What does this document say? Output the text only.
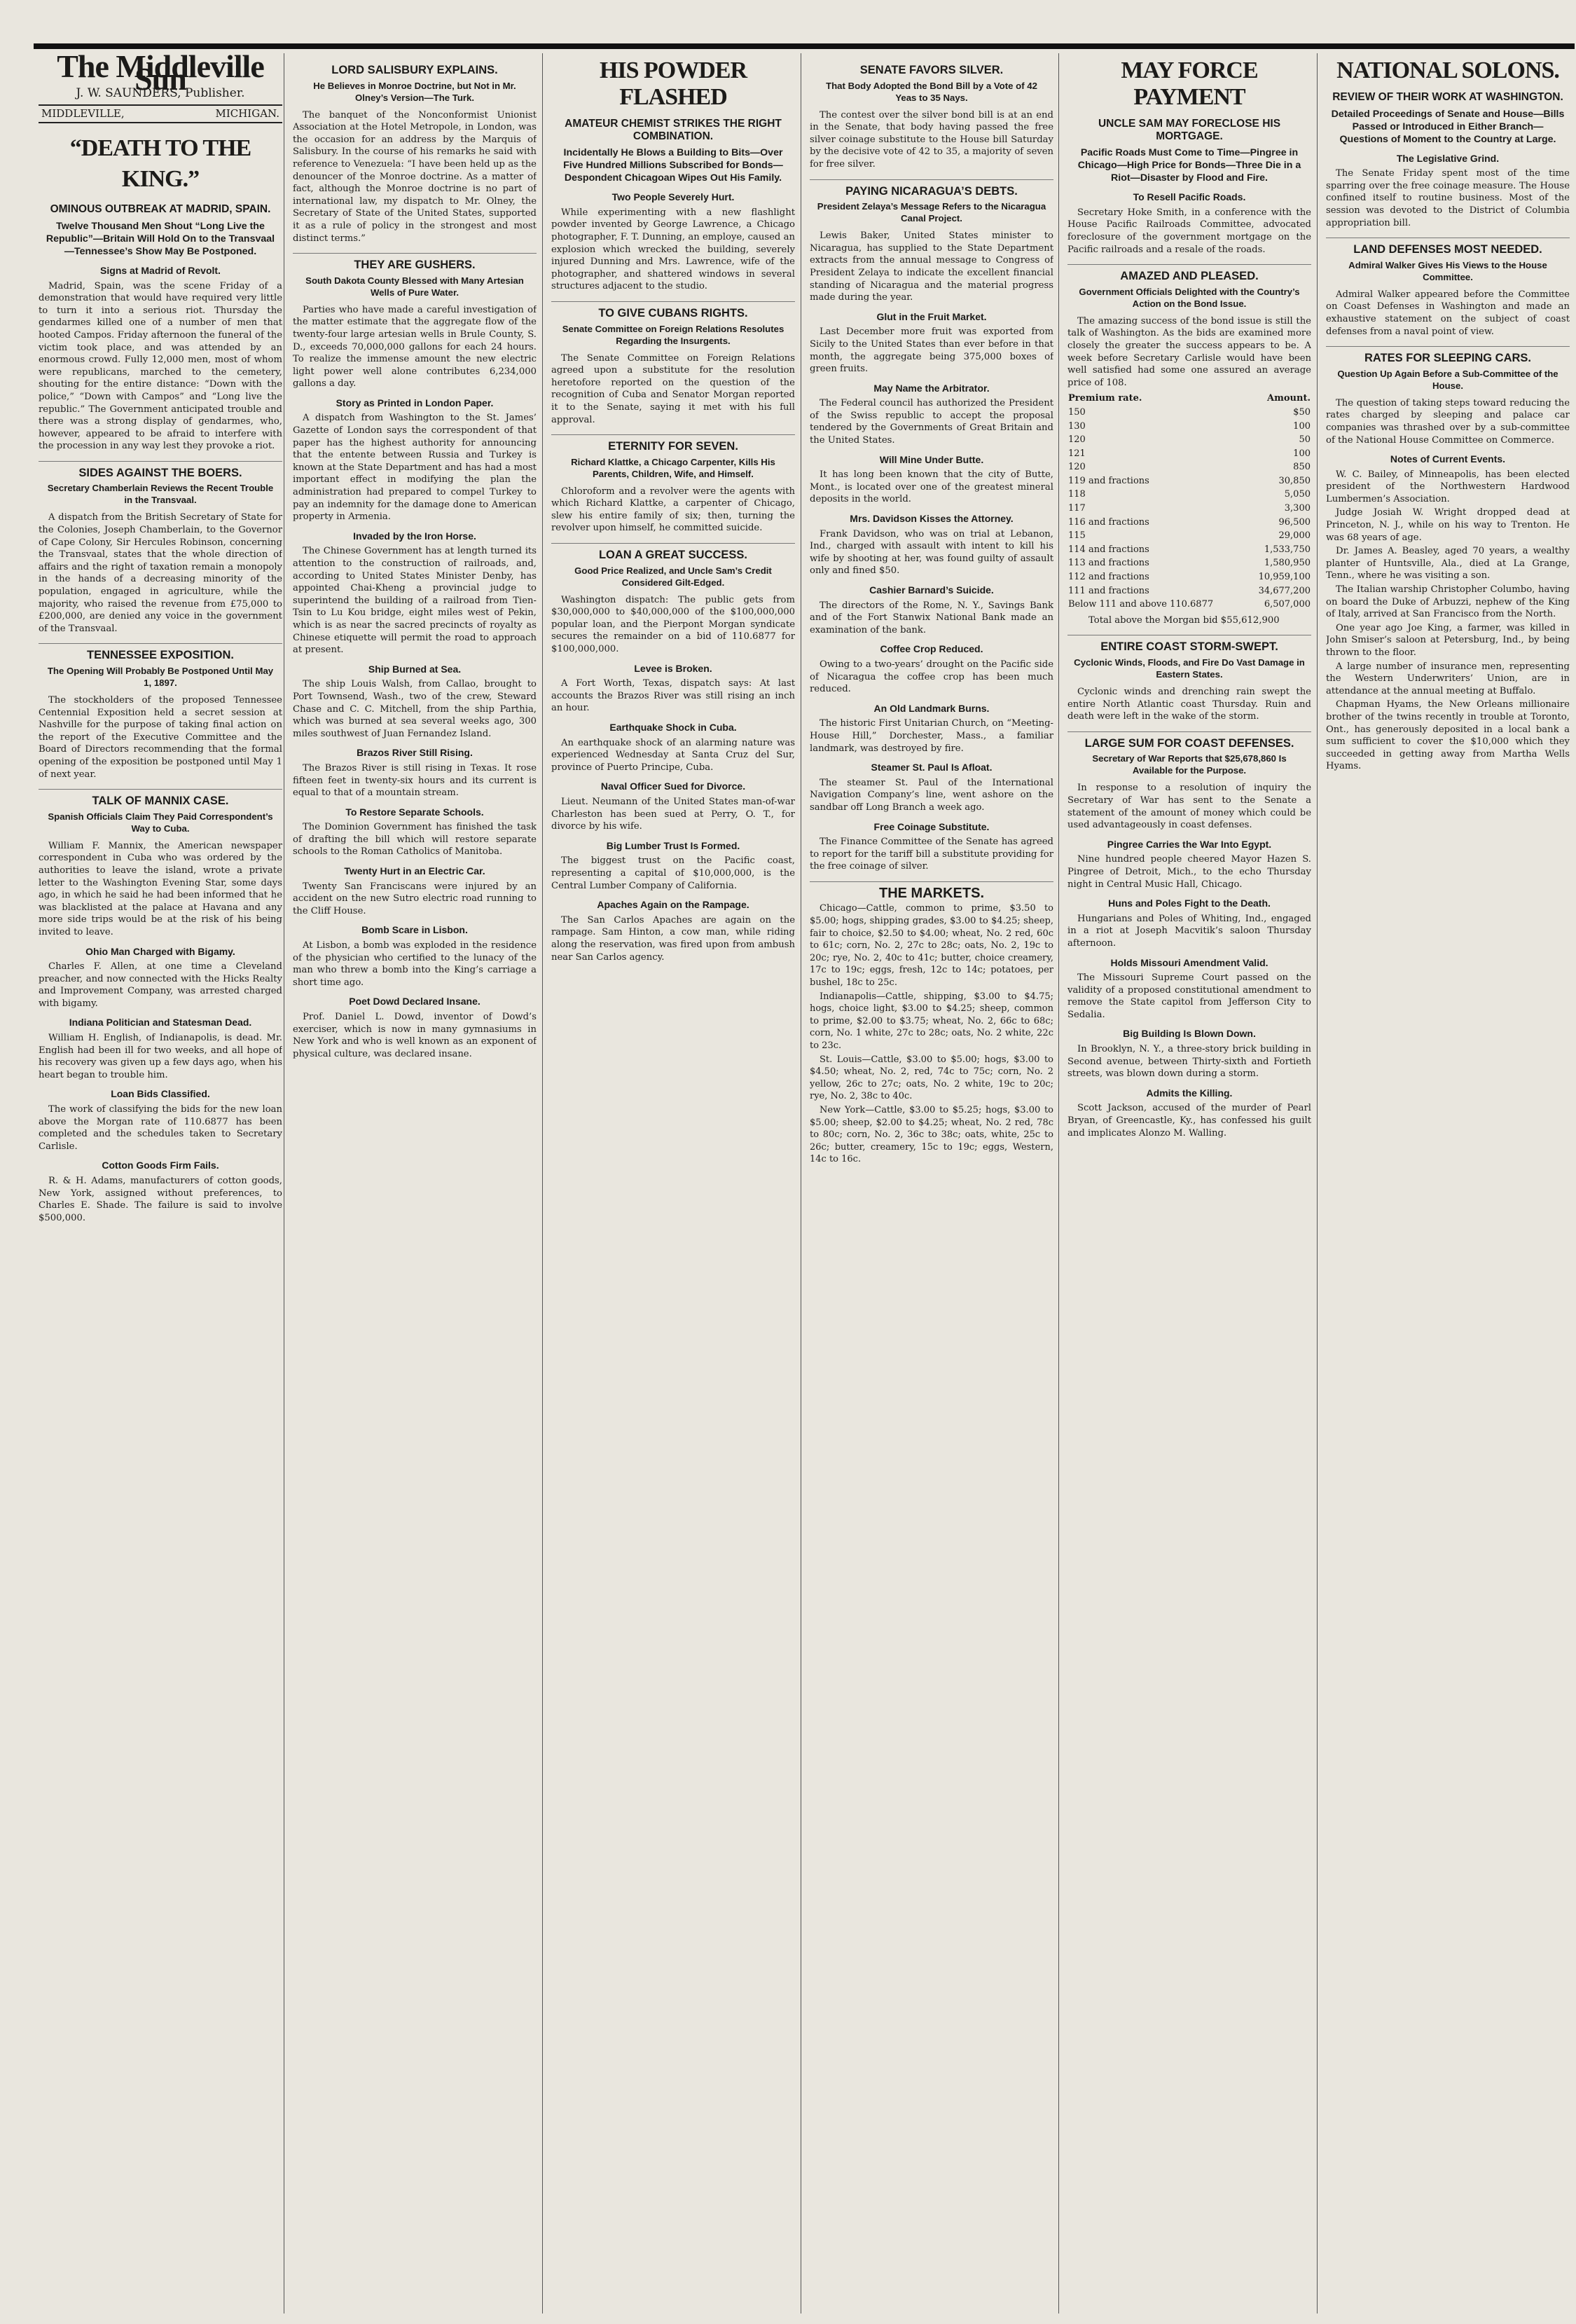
The Middleville Sun
J. W. SAUNDERS, Publisher.
MIDDLEVILLE,	MICHIGAN.
“DEATH TO THE KING.”
OMINOUS OUTBREAK AT MADRID, SPAIN.
Twelve Thousand Men Shout “Long Live the Republic”—Britain Will Hold On to the Transvaal—Tennessee’s Show May Be Postponed.
Signs at Madrid of Revolt.

Madrid, Spain, was the scene Friday of a demonstration that would have required very little to turn it into a serious riot. Thursday the gendarmes killed one of a number of men that hooted Campos. Friday afternoon the funeral of the victim took place, and was attended by an enormous crowd. Fully 12,000 men, most of whom were republicans, marched to the cemetery, shouting for the entire distance: “Down with the police,” “Down with Campos” and “Long live the republic.” The Government anticipated trouble and there was a strong display of gendarmes, who, however, appeared to be afraid to interfere with the procession in any way lest they provoke a riot.

SIDES AGAINST THE BOERS.
Secretary Chamberlain Reviews the Recent Trouble in the Transvaal.

A dispatch from the British Secretary of State for the Colonies, Joseph Chamberlain, to the Governor of Cape Colony, Sir Hercules Robinson, concerning the Transvaal, states that the whole direction of affairs and the right of taxation remain a monopoly in the hands of a decreasing minority of the population, engaged in agriculture, while the majority, who raised the revenue from £75,000 to £200,000, are denied any voice in the government of the Transvaal.

TENNESSEE EXPOSITION.
The Opening Will Probably Be Postponed Until May 1, 1897.

The stockholders of the proposed Tennessee Centennial Exposition held a secret session at Nashville for the purpose of taking final action on the report of the Executive Committee and the Board of Directors recommending that the formal opening of the exposition be postponed until May 1 of next year.

TALK OF MANNIX CASE.
Spanish Officials Claim They Paid Correspondent’s Way to Cuba.

William F. Mannix, the American newspaper correspondent in Cuba who was ordered by the authorities to leave the island, wrote a private letter to the Washington Evening Star, some days ago, in which he said he had been informed that he was blacklisted at the palace at Havana and any more side trips would be at the risk of his being invited to leave.

Ohio Man Charged with Bigamy.

Charles F. Allen, at one time a Cleveland preacher, and now connected with the Hicks Realty and Improvement Company, was arrested charged with bigamy.

Indiana Politician and Statesman Dead.

William H. English, of Indianapolis, is dead. Mr. English had been ill for two weeks, and all hope of his recovery was given up a few days ago, when his heart began to trouble him.

Loan Bids Classified.

The work of classifying the bids for the new loan above the Morgan rate of 110.6877 has been completed and the schedules taken to Secretary Carlisle.

Cotton Goods Firm Fails.

R. & H. Adams, manufacturers of cotton goods, New York, assigned without preferences, to Charles E. Shade. The failure is said to involve $500,000.

LORD SALISBURY EXPLAINS.
He Believes in Monroe Doctrine, but Not in Mr. Olney’s Version—The Turk.

The banquet of the Nonconformist Unionist Association at the Hotel Metropole, in London, was the occasion for an address by the Marquis of Salisbury. In the course of his remarks he said with reference to Venezuela: “I have been held up as the denouncer of the Monroe doctrine. As a matter of fact, although the Monroe doctrine is no part of international law, my dispatch to Mr. Olney, the Secretary of State of the United States, supported it as a rule of policy in the strongest and most distinct terms.”

THEY ARE GUSHERS.
South Dakota County Blessed with Many Artesian Wells of Pure Water.

Parties who have made a careful investigation of the matter estimate that the aggregate flow of the twenty-four large artesian wells in Brule County, S. D., exceeds 70,000,000 gallons for each 24 hours. To realize the immense amount the new electric light power well alone contributes 6,234,000 gallons a day.

Story as Printed in London Paper.

A dispatch from Washington to the St. James’ Gazette of London says the correspondent of that paper has the highest authority for announcing that the entente between Russia and Turkey is known at the State Department and has had a most important effect in modifying the plan the administration had prepared to compel Turkey to pay an indemnity for the damage done to American property in Armenia.

Invaded by the Iron Horse.

The Chinese Government has at length turned its attention to the construction of railroads, and, according to United States Minister Denby, has appointed Chai-Kheng a provincial judge to superintend the building of a railroad from Tien-Tsin to Lu Kou bridge, eight miles west of Pekin, which is as near the sacred precincts of royalty as Chinese etiquette will permit the road to approach at present.

Ship Burned at Sea.

The ship Louis Walsh, from Callao, brought to Port Townsend, Wash., two of the crew, Steward Chase and C. C. Mitchell, from the ship Parthia, which was burned at sea several weeks ago, 300 miles southwest of Juan Fernandez Island.

Brazos River Still Rising.

The Brazos River is still rising in Texas. It rose fifteen feet in twenty-six hours and its current is equal to that of a mountain stream.

To Restore Separate Schools.

The Dominion Government has finished the task of drafting the bill which will restore separate schools to the Roman Catholics of Manitoba.

Twenty Hurt in an Electric Car.

Twenty San Franciscans were injured by an accident on the new Sutro electric road running to the Cliff House.

Bomb Scare in Lisbon.

At Lisbon, a bomb was exploded in the residence of the physician who certified to the lunacy of the man who threw a bomb into the King’s carriage a short time ago.

Poet Dowd Declared Insane.

Prof. Daniel L. Dowd, inventor of Dowd’s exerciser, which is now in many gymnasiums in New York and who is well known as an exponent of physical culture, was declared insane.

HIS POWDER FLASHED
AMATEUR CHEMIST STRIKES THE RIGHT COMBINATION.
Incidentally He Blows a Building to Bits—Over Five Hundred Millions Subscribed for Bonds—Despondent Chicagoan Wipes Out His Family.
Two People Severely Hurt.

While experimenting with a new flashlight powder invented by George Lawrence, a Chicago photographer, F. T. Dunning, an employe, caused an explosion which wrecked the building, severely injured Dunning and Mrs. Lawrence, wife of the photographer, and shattered windows in several structures adjacent to the studio.

TO GIVE CUBANS RIGHTS.
Senate Committee on Foreign Relations Resolutes Regarding the Insurgents.

The Senate Committee on Foreign Relations agreed upon a substitute for the resolution heretofore reported on the question of the recognition of Cuba and Senator Morgan reported it to the Senate, saying it met with his full approval.

ETERNITY FOR SEVEN.
Richard Klattke, a Chicago Carpenter, Kills His Parents, Children, Wife, and Himself.

Chloroform and a revolver were the agents with which Richard Klattke, a carpenter of Chicago, slew his entire family of six; then, turning the revolver upon himself, he committed suicide.

LOAN A GREAT SUCCESS.
Good Price Realized, and Uncle Sam’s Credit Considered Gilt-Edged.

Washington dispatch: The public gets from $30,000,000 to $40,000,000 of the $100,000,000 popular loan, and the Pierpont Morgan syndicate secures the remainder on a bid of 110.6877 for $100,000,000.

Levee is Broken.

A Fort Worth, Texas, dispatch says: At last accounts the Brazos River was still rising an inch an hour.

Earthquake Shock in Cuba.

An earthquake shock of an alarming nature was experienced Wednesday at Santa Cruz del Sur, province of Puerto Principe, Cuba.

Naval Officer Sued for Divorce.

Lieut. Neumann of the United States man-of-war Charleston has been sued at Perry, O. T., for divorce by his wife.

Big Lumber Trust Is Formed.

The biggest trust on the Pacific coast, representing a capital of $10,000,000, is the Central Lumber Company of California.

Apaches Again on the Rampage.

The San Carlos Apaches are again on the rampage. Sam Hinton, a cow man, while riding along the reservation, was fired upon from ambush near San Carlos agency.

SENATE FAVORS SILVER.
That Body Adopted the Bond Bill by a Vote of 42 Yeas to 35 Nays.

The contest over the silver bond bill is at an end in the Senate, that body having passed the free silver coinage substitute to the House bill Saturday by the decisive vote of 42 to 35, a majority of seven for free silver.

PAYING NICARAGUA’S DEBTS.
President Zelaya’s Message Refers to the Nicaragua Canal Project.

Lewis Baker, United States minister to Nicaragua, has supplied to the State Department extracts from the annual message to Congress of President Zelaya to indicate the excellent financial standing of Nicaragua and the material progress made during the year.

Glut in the Fruit Market.

Last December more fruit was exported from Sicily to the United States than ever before in that month, the aggregate being 375,000 boxes of green fruits.

May Name the Arbitrator.

The Federal council has authorized the President of the Swiss republic to accept the proposal tendered by the Governments of Great Britain and the United States.

Will Mine Under Butte.

It has long been known that the city of Butte, Mont., is located over one of the greatest mineral deposits in the world.

Mrs. Davidson Kisses the Attorney.

Frank Davidson, who was on trial at Lebanon, Ind., charged with assault with intent to kill his wife by shooting at her, was found guilty of assault only and fined $50.

Cashier Barnard’s Suicide.

The directors of the Rome, N. Y., Savings Bank and of the Fort Stanwix National Bank made an examination of the bank.

Coffee Crop Reduced.

Owing to a two-years’ drought on the Pacific side of Nicaragua the coffee crop has been much reduced.

An Old Landmark Burns.

The historic First Unitarian Church, on “Meeting-House Hill,” Dorchester, Mass., a familiar landmark, was destroyed by fire.

Steamer St. Paul Is Afloat.

The steamer St. Paul of the International Navigation Company’s line, went ashore on the sandbar off Long Branch a week ago.

Free Coinage Substitute.

The Finance Committee of the Senate has agreed to report for the tariff bill a substitute providing for the free coinage of silver.

THE MARKETS.

Chicago—Cattle, common to prime, $3.50 to $5.00; hogs, shipping grades, $3.00 to $4.25; sheep, fair to choice, $2.50 to $4.00; wheat, No. 2 red, 60c to 61c; corn, No. 2, 27c to 28c; oats, No. 2, 19c to 20c; rye, No. 2, 40c to 41c; butter, choice creamery, 17c to 19c; eggs, fresh, 12c to 14c; potatoes, per bushel, 18c to 25c.

Indianapolis—Cattle, shipping, $3.00 to $4.75; hogs, choice light, $3.00 to $4.25; sheep, common to prime, $2.00 to $3.75; wheat, No. 2, 66c to 68c; corn, No. 1 white, 27c to 28c; oats, No. 2 white, 22c to 23c.

St. Louis—Cattle, $3.00 to $5.00; hogs, $3.00 to $4.50; wheat, No. 2, red, 74c to 75c; corn, No. 2 yellow, 26c to 27c; oats, No. 2 white, 19c to 20c; rye, No. 2, 38c to 40c.

New York—Cattle, $3.00 to $5.25; hogs, $3.00 to $5.00; sheep, $2.00 to $4.25; wheat, No. 2 red, 78c to 80c; corn, No. 2, 36c to 38c; oats, white, 25c to 26c; butter, creamery, 15c to 19c; eggs, Western, 14c to 16c.

MAY FORCE PAYMENT
UNCLE SAM MAY FORECLOSE HIS MORTGAGE.
Pacific Roads Must Come to Time—Pingree in Chicago—High Price for Bonds—Three Die in a Riot—Disaster by Flood and Fire.
To Resell Pacific Roads.

Secretary Hoke Smith, in a conference with the House Pacific Railroads Committee, advocated foreclosure of the government mortgage on the Pacific railroads and a resale of the roads.

AMAZED AND PLEASED.
Government Officials Delighted with the Country’s Action on the Bond Issue.

The amazing success of the bond issue is still the talk of Washington. As the bids are examined more closely the greater the success appears to be. A week before Secretary Carlisle would have been well satisfied had some one assured an average price of 108.

Premium rate.	Amount.
150	$50
130	100
120	50
121	100
120	850
119 and fractions	30,850
118	5,050
117	3,300
116 and fractions	96,500
115	29,000
114 and fractions	1,533,750
113 and fractions	1,580,950
112 and fractions	10,959,100
111 and fractions	34,677,200
Below 111 and above 110.6877	6,507,000

Total above the Morgan bid $55,612,900

ENTIRE COAST STORM-SWEPT.
Cyclonic Winds, Floods, and Fire Do Vast Damage in Eastern States.

Cyclonic winds and drenching rain swept the entire North Atlantic coast Thursday. Ruin and death were left in the wake of the storm.

LARGE SUM FOR COAST DEFENSES.
Secretary of War Reports that $25,678,860 Is Available for the Purpose.

In response to a resolution of inquiry the Secretary of War has sent to the Senate a statement of the amount of money which could be used advantageously in coast defenses.

Pingree Carries the War Into Egypt.

Nine hundred people cheered Mayor Hazen S. Pingree of Detroit, Mich., to the echo Thursday night in Central Music Hall, Chicago.

Huns and Poles Fight to the Death.

Hungarians and Poles of Whiting, Ind., engaged in a riot at Joseph Macvitik’s saloon Thursday afternoon.

Holds Missouri Amendment Valid.

The Missouri Supreme Court passed on the validity of a proposed constitutional amendment to remove the State capitol from Jefferson City to Sedalia.

Big Building Is Blown Down.

In Brooklyn, N. Y., a three-story brick building in Second avenue, between Thirty-sixth and Fortieth streets, was blown down during a storm.

Admits the Killing.

Scott Jackson, accused of the murder of Pearl Bryan, of Greencastle, Ky., has confessed his guilt and implicates Alonzo M. Walling.

NATIONAL SOLONS.
REVIEW OF THEIR WORK AT WASHINGTON.
Detailed Proceedings of Senate and House—Bills Passed or Introduced in Either Branch—Questions of Moment to the Country at Large.
The Legislative Grind.

The Senate Friday spent most of the time sparring over the free coinage measure. The House confined itself to routine business. Most of the session was devoted to the District of Columbia appropriation bill.

LAND DEFENSES MOST NEEDED.
Admiral Walker Gives His Views to the House Committee.

Admiral Walker appeared before the Committee on Coast Defenses in Washington and made an exhaustive statement on the subject of coast defenses from a naval point of view.

RATES FOR SLEEPING CARS.
Question Up Again Before a Sub-Committee of the House.

The question of taking steps toward reducing the rates charged by sleeping and palace car companies was thrashed over by a sub-committee of the National House Committee on Commerce.

Notes of Current Events.

W. C. Bailey, of Minneapolis, has been elected president of the Northwestern Hardwood Lumbermen’s Association.

Judge Josiah W. Wright dropped dead at Princeton, N. J., while on his way to Trenton. He was 68 years of age.

Dr. James A. Beasley, aged 70 years, a wealthy planter of Huntsville, Ala., died at La Grange, Tenn., where he was visiting a son.

The Italian warship Christopher Columbo, having on board the Duke of Arbuzzi, nephew of the King of Italy, arrived at San Francisco from the North.

One year ago Joe King, a farmer, was killed in John Smiser’s saloon at Petersburg, Ind., by being thrown to the floor.

A large number of insurance men, representing the Western Underwriters’ Union, are in attendance at the annual meeting at Buffalo.

Chapman Hyams, the New Orleans millionaire brother of the twins recently in trouble at Toronto, Ont., has generously deposited in a local bank a sum sufficient to cover the $10,000 which they succeeded in getting away from Martha Wells Hyams.
